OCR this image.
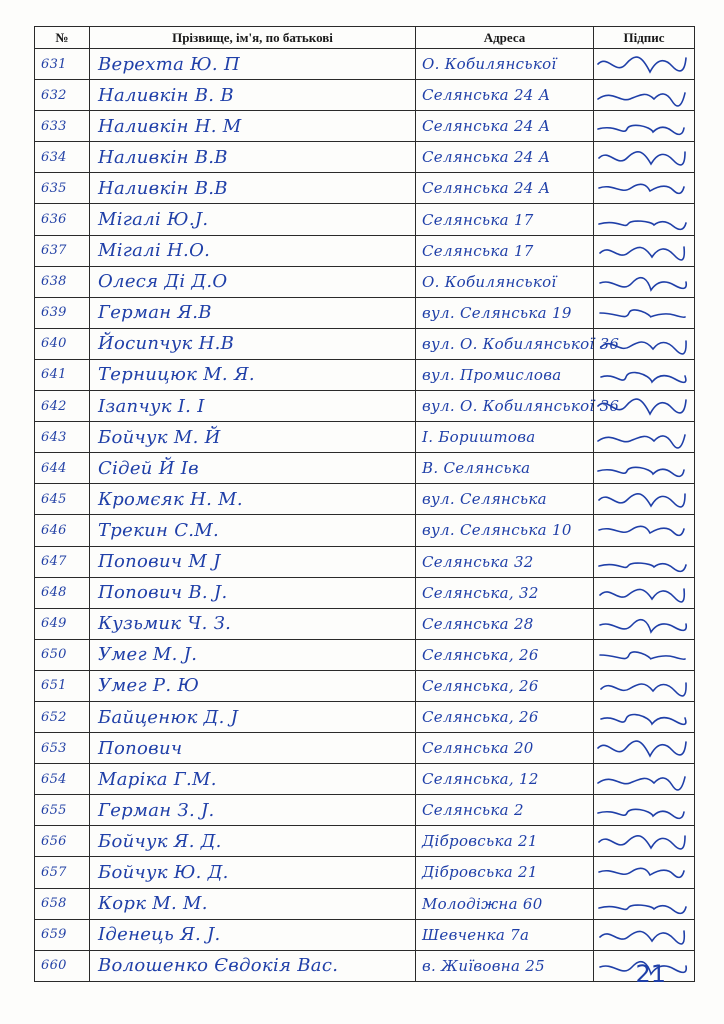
№	Прізвище, ім'я, по батькові	Адреса	Підпис

631	Верехта Ю. П	О. Кобилянської

632	Наливкін В. В	Селянська 24 А

633	Наливкін Н. М	Селянська 24 А

634	Наливкін В.В	Селянська 24 А

635	Наливкін В.В	Селянська 24 А

636	Мігалі Ю.Ј.	Селянська 17

637	Мігалі Н.О.	Селянська 17

638	Олеся Ді Д.О	О. Кобилянської

639	Герман Я.В	вул. Селянська 19

640	Йосипчук Н.В	вул. О. Кобилянської 36

641	Терницюк М. Я.	вул. Промислова

642	Ізапчук І. І	вул. О. Кобилянської 36

643	Бойчук М. Й	І. Бориштова

644	Сідей Й Ів	В. Селянська

645	Кромєяк Н. М.	вул. Селянська

646	Трекин С.М.	вул. Селянська 10

647	Попович М Ј	Селянська 32

648	Попович В. Ј.	Селянська, 32

649	Кузьмик Ч. З.	Селянська 28

650	Умег М. Ј.	Селянська, 26

651	Умег Р. Ю	Селянська, 26

652	Байценюк Д. Ј	Селянська, 26

653	Попович	Селянська 20

654	Маріка Г.М.	Селянська, 12

655	Герман З. Ј.	Селянська 2

656	Бойчук Я. Д.	Дібровська 21

657	Бойчук Ю. Д.	Дібровська 21

658	Корк М. М.	Молодіжна 60

659	Іденець Я. Ј.	Шевченка 7а

660	Волошенко Євдокія Вас.	в. Жиївовна 25
		21
